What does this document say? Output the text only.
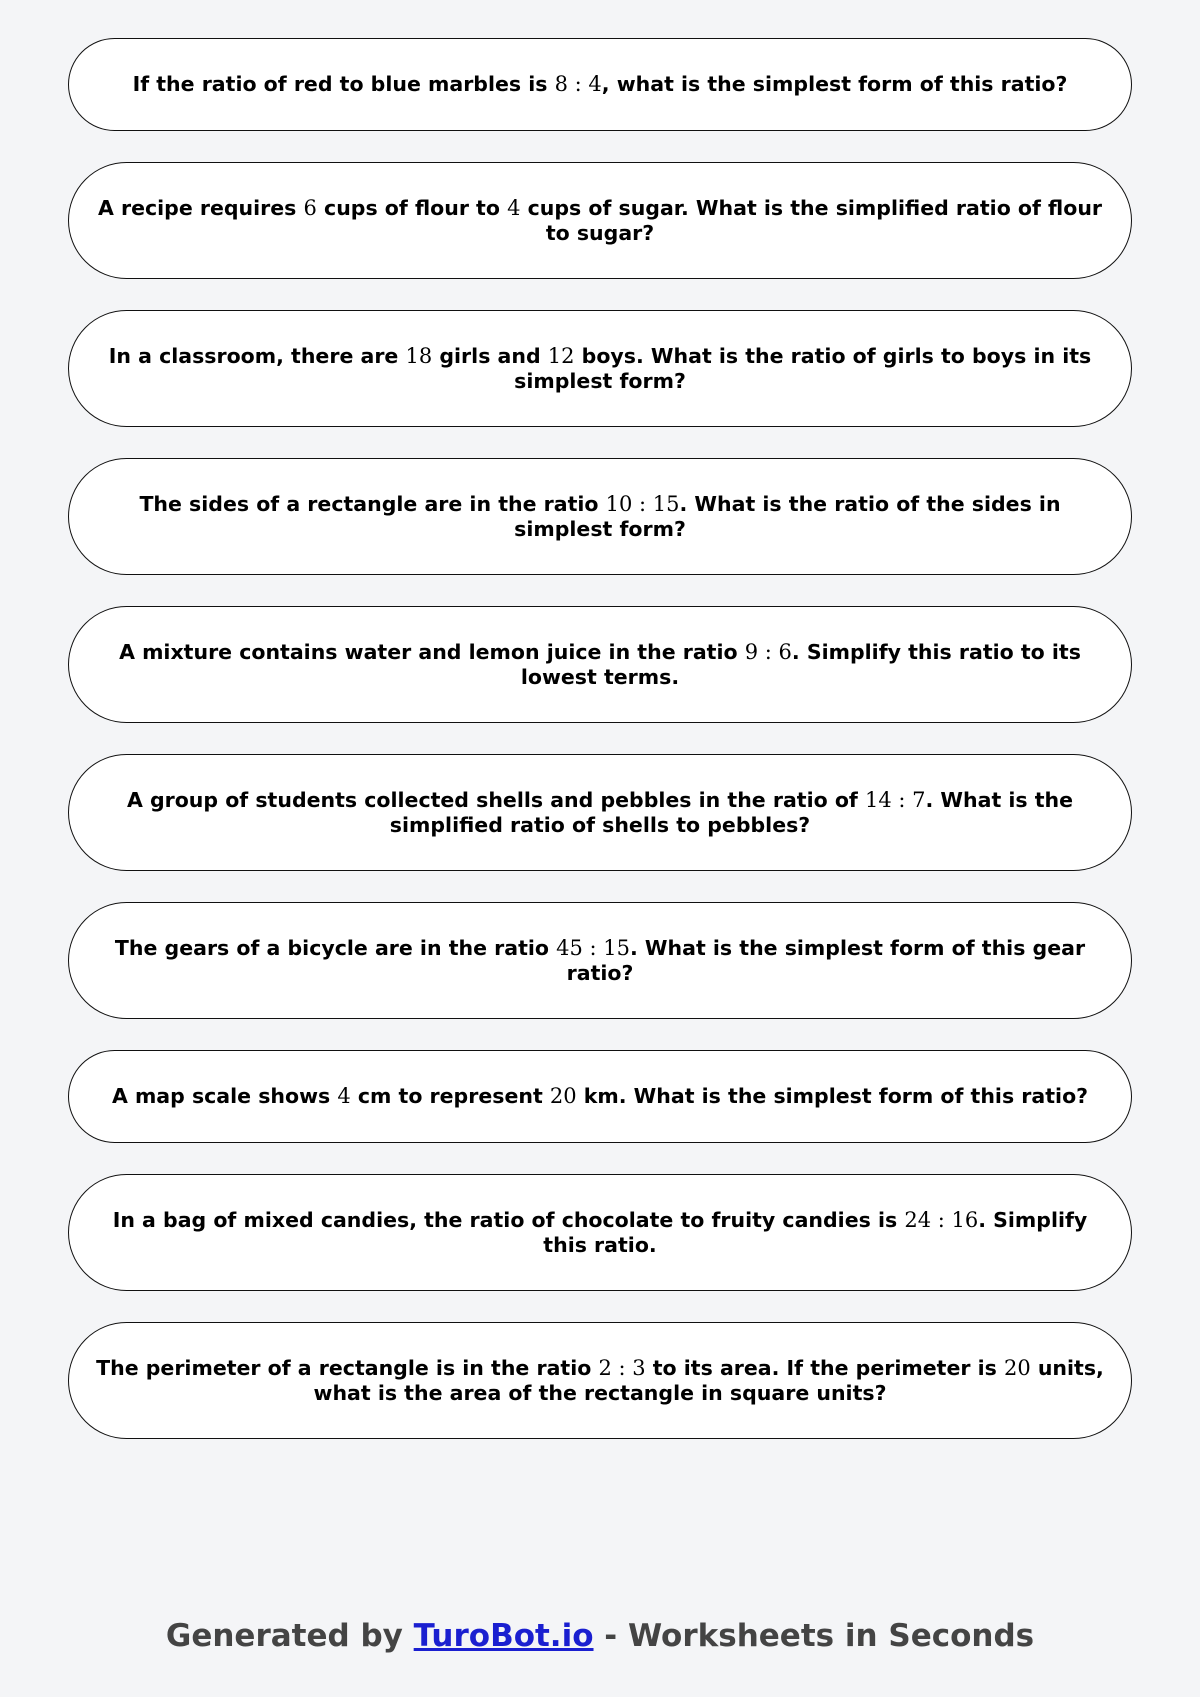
If the ratio of red to blue marbles is 8 : 4, what is the simplest form of this ratio?
A recipe requires 6 cups of flour to 4 cups of sugar. What is the simplified ratio of flour to sugar?
In a classroom, there are 18 girls and 12 boys. What is the ratio of girls to boys in its simplest form?
The sides of a rectangle are in the ratio 10 : 15. What is the ratio of the sides in simplest form?
A mixture contains water and lemon juice in the ratio 9 : 6. Simplify this ratio to its lowest terms.
A group of students collected shells and pebbles in the ratio of 14 : 7. What is the simplified ratio of shells to pebbles?
The gears of a bicycle are in the ratio 45 : 15. What is the simplest form of this gear ratio?
A map scale shows 4 cm to represent 20 km. What is the simplest form of this ratio?
In a bag of mixed candies, the ratio of chocolate to fruity candies is 24 : 16. Simplify this ratio.
The perimeter of a rectangle is in the ratio 2 : 3 to its area. If the perimeter is 20 units, what is the area of the rectangle in square units?
Generated by TuroBot.io - Worksheets in Seconds
